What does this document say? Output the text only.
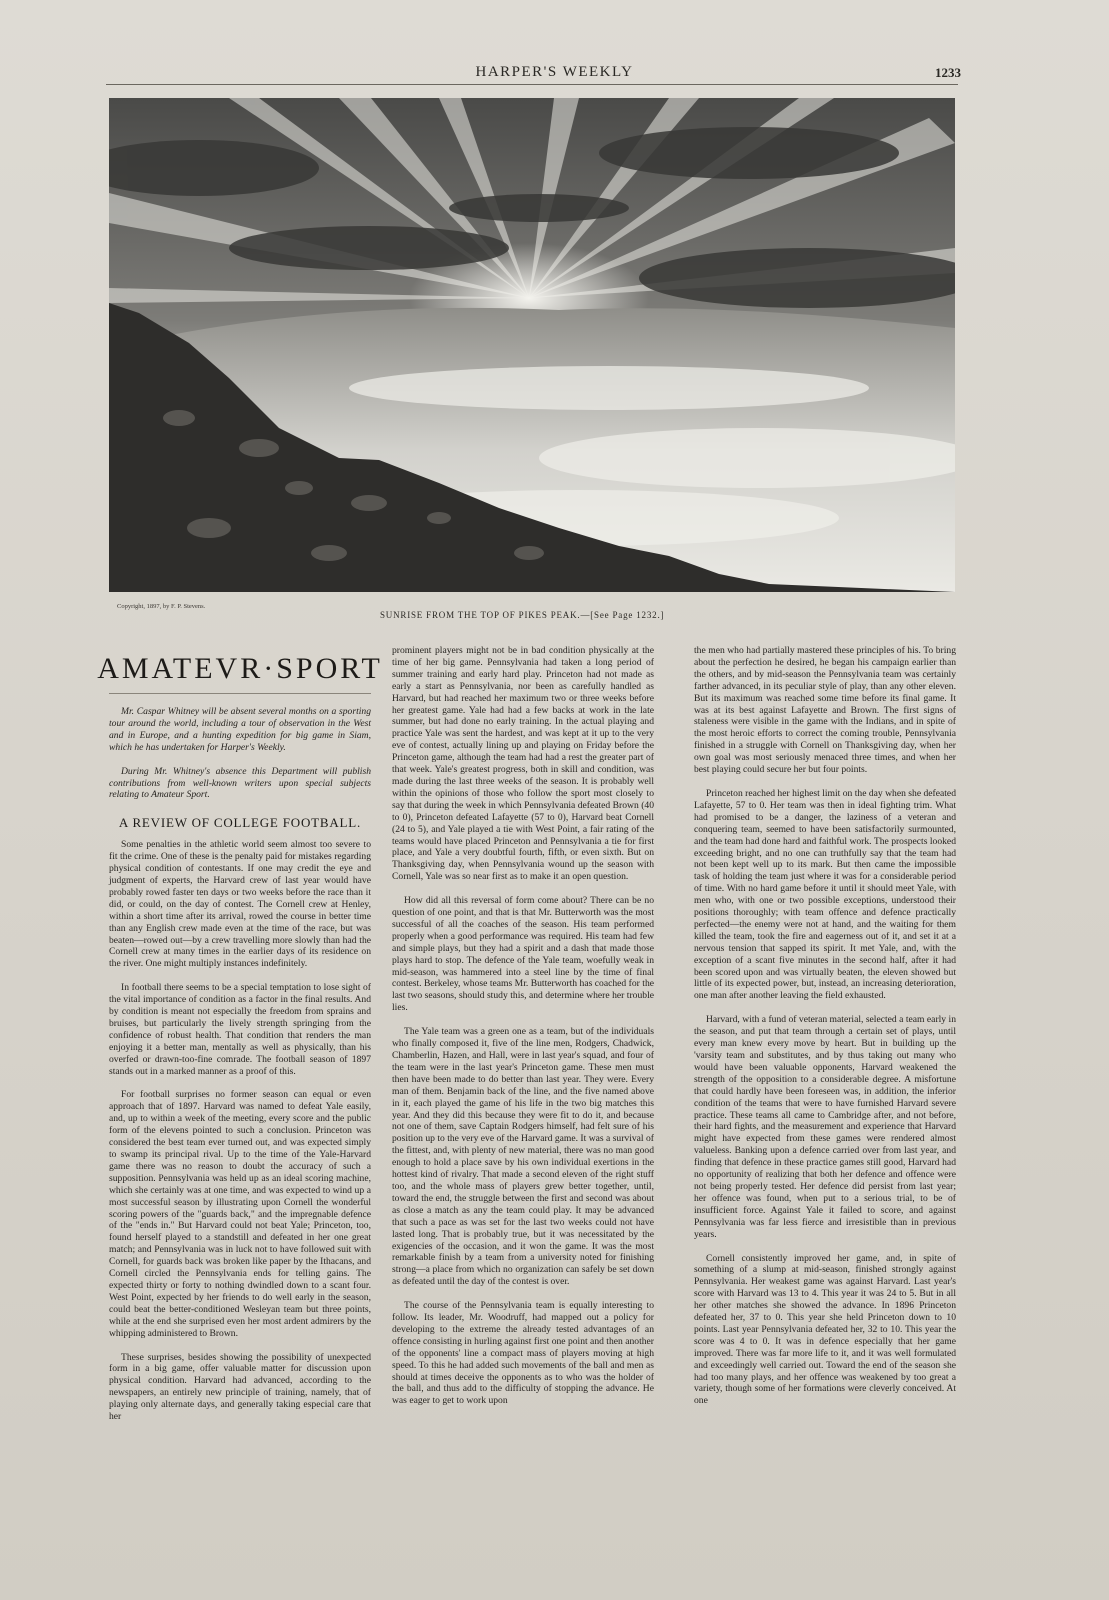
HARPER'S WEEKLY	1233
Copyright, 1897, by F. P. Stevens.
SUNRISE FROM THE TOP OF PIKES PEAK.—[See Page 1232.]
AMATEVR·SPORT

Mr. Caspar Whitney will be absent several months on a sporting tour around the world, including a tour of observation in the West and in Europe, and a hunting expedition for big game in Siam, which he has undertaken for Harper's Weekly.

During Mr. Whitney's absence this Department will publish contributions from well-known writers upon special subjects relating to Amateur Sport.

A REVIEW OF COLLEGE FOOTBALL.

Some penalties in the athletic world seem almost too severe to fit the crime. One of these is the penalty paid for mistakes regarding physical condition of contestants. If one may credit the eye and judgment of experts, the Harvard crew of last year would have probably rowed faster ten days or two weeks before the race than it did, or could, on the day of contest. The Cornell crew at Henley, within a short time after its arrival, rowed the course in better time than any English crew made even at the time of the race, but was beaten—rowed out—by a crew travelling more slowly than had the Cornell crew at many times in the earlier days of its residence on the river. One might multiply instances indefinitely.

In football there seems to be a special temptation to lose sight of the vital importance of condition as a factor in the final results. And by condition is meant not especially the freedom from sprains and bruises, but particularly the lively strength springing from the confidence of robust health. That condition that renders the man enjoying it a better man, mentally as well as physically, than his overfed or drawn-too-fine comrade. The football season of 1897 stands out in a marked manner as a proof of this.

For football surprises no former season can equal or even approach that of 1897. Harvard was named to defeat Yale easily, and, up to within a week of the meeting, every score and the public form of the elevens pointed to such a conclusion. Princeton was considered the best team ever turned out, and was expected simply to swamp its principal rival. Up to the time of the Yale-Harvard game there was no reason to doubt the accuracy of such a supposition. Pennsylvania was held up as an ideal scoring machine, which she certainly was at one time, and was expected to wind up a most successful season by illustrating upon Cornell the wonderful scoring powers of the "guards back," and the impregnable defence of the "ends in." But Harvard could not beat Yale; Princeton, too, found herself played to a standstill and defeated in her one great match; and Pennsylvania was in luck not to have followed suit with Cornell, for guards back was broken like paper by the Ithacans, and Cornell circled the Pennsylvania ends for telling gains. The expected thirty or forty to nothing dwindled down to a scant four. West Point, expected by her friends to do well early in the season, could beat the better-conditioned Wesleyan team but three points, while at the end she surprised even her most ardent admirers by the whipping administered to Brown.

These surprises, besides showing the possibility of unexpected form in a big game, offer valuable matter for discussion upon physical condition. Harvard had advanced, according to the newspapers, an entirely new principle of training, namely, that of playing only alternate days, and generally taking especial care that her

prominent players might not be in bad condition physically at the time of her big game. Pennsylvania had taken a long period of summer training and early hard play. Princeton had not made as early a start as Pennsylvania, nor been as carefully handled as Harvard, but had reached her maximum two or three weeks before her greatest game. Yale had had a few backs at work in the late summer, but had done no early training. In the actual playing and practice Yale was sent the hardest, and was kept at it up to the very eve of contest, actually lining up and playing on Friday before the Princeton game, although the team had had a rest the greater part of that week. Yale's greatest progress, both in skill and condition, was made during the last three weeks of the season. It is probably well within the opinions of those who follow the sport most closely to say that during the week in which Pennsylvania defeated Brown (40 to 0), Princeton defeated Lafayette (57 to 0), Harvard beat Cornell (24 to 5), and Yale played a tie with West Point, a fair rating of the teams would have placed Princeton and Pennsylvania a tie for first place, and Yale a very doubtful fourth, fifth, or even sixth. But on Thanksgiving day, when Pennsylvania wound up the season with Cornell, Yale was so near first as to make it an open question.

How did all this reversal of form come about? There can be no question of one point, and that is that Mr. Butterworth was the most successful of all the coaches of the season. His team performed properly when a good performance was required. His team had few and simple plays, but they had a spirit and a dash that made those plays hard to stop. The defence of the Yale team, woefully weak in mid-season, was hammered into a steel line by the time of final contest. Berkeley, whose teams Mr. Butterworth has coached for the last two seasons, should study this, and determine where her trouble lies.

The Yale team was a green one as a team, but of the individuals who finally composed it, five of the line men, Rodgers, Chadwick, Chamberlin, Hazen, and Hall, were in last year's squad, and four of the team were in the last year's Princeton game. These men must then have been made to do better than last year. They were. Every man of them. Benjamin back of the line, and the five named above in it, each played the game of his life in the two big matches this year. And they did this because they were fit to do it, and because not one of them, save Captain Rodgers himself, had felt sure of his position up to the very eve of the Harvard game. It was a survival of the fittest, and, with plenty of new material, there was no man good enough to hold a place save by his own individual exertions in the hottest kind of rivalry. That made a second eleven of the right stuff too, and the whole mass of players grew better together, until, toward the end, the struggle between the first and second was about as close a match as any the team could play. It may be advanced that such a pace as was set for the last two weeks could not have lasted long. That is probably true, but it was necessitated by the exigencies of the occasion, and it won the game. It was the most remarkable finish by a team from a university noted for finishing strong—a place from which no organization can safely be set down as defeated until the day of the contest is over.

The course of the Pennsylvania team is equally interesting to follow. Its leader, Mr. Woodruff, had mapped out a policy for developing to the extreme the already tested advantages of an offence consisting in hurling against first one point and then another of the opponents' line a compact mass of players moving at high speed. To this he had added such movements of the ball and men as should at times deceive the opponents as to who was the holder of the ball, and thus add to the difficulty of stopping the advance. He was eager to get to work upon

the men who had partially mastered these principles of his. To bring about the perfection he desired, he began his campaign earlier than the others, and by mid-season the Pennsylvania team was certainly farther advanced, in its peculiar style of play, than any other eleven. But its maximum was reached some time before its final game. It was at its best against Lafayette and Brown. The first signs of staleness were visible in the game with the Indians, and in spite of the most heroic efforts to correct the coming trouble, Pennsylvania finished in a struggle with Cornell on Thanksgiving day, when her own goal was most seriously menaced three times, and when her best playing could secure her but four points.

Princeton reached her highest limit on the day when she defeated Lafayette, 57 to 0. Her team was then in ideal fighting trim. What had promised to be a danger, the laziness of a veteran and conquering team, seemed to have been satisfactorily surmounted, and the team had done hard and faithful work. The prospects looked exceeding bright, and no one can truthfully say that the team had not been kept well up to its mark. But then came the impossible task of holding the team just where it was for a considerable period of time. With no hard game before it until it should meet Yale, with men who, with one or two possible exceptions, understood their positions thoroughly; with team offence and defence practically perfected—the enemy were not at hand, and the waiting for them killed the team, took the fire and eagerness out of it, and set it at a nervous tension that sapped its spirit. It met Yale, and, with the exception of a scant five minutes in the second half, after it had been scored upon and was virtually beaten, the eleven showed but little of its expected power, but, instead, an increasing deterioration, one man after another leaving the field exhausted.

Harvard, with a fund of veteran material, selected a team early in the season, and put that team through a certain set of plays, until every man knew every move by heart. But in building up the 'varsity team and substitutes, and by thus taking out many who would have been valuable opponents, Harvard weakened the strength of the opposition to a considerable degree. A misfortune that could hardly have been foreseen was, in addition, the inferior condition of the teams that were to have furnished Harvard severe practice. These teams all came to Cambridge after, and not before, their hard fights, and the measurement and experience that Harvard might have expected from these games were rendered almost valueless. Banking upon a defence carried over from last year, and finding that defence in these practice games still good, Harvard had no opportunity of realizing that both her defence and offence were not being properly tested. Her defence did persist from last year; her offence was found, when put to a serious trial, to be of insufficient force. Against Yale it failed to score, and against Pennsylvania was far less fierce and irresistible than in previous years.

Cornell consistently improved her game, and, in spite of something of a slump at mid-season, finished strongly against Pennsylvania. Her weakest game was against Harvard. Last year's score with Harvard was 13 to 4. This year it was 24 to 5. But in all her other matches she showed the advance. In 1896 Princeton defeated her, 37 to 0. This year she held Princeton down to 10 points. Last year Pennsylvania defeated her, 32 to 10. This year the score was 4 to 0. It was in defence especially that her game improved. There was far more life to it, and it was well formulated and exceedingly well carried out. Toward the end of the season she had too many plays, and her offence was weakened by too great a variety, though some of her formations were cleverly conceived. At one
